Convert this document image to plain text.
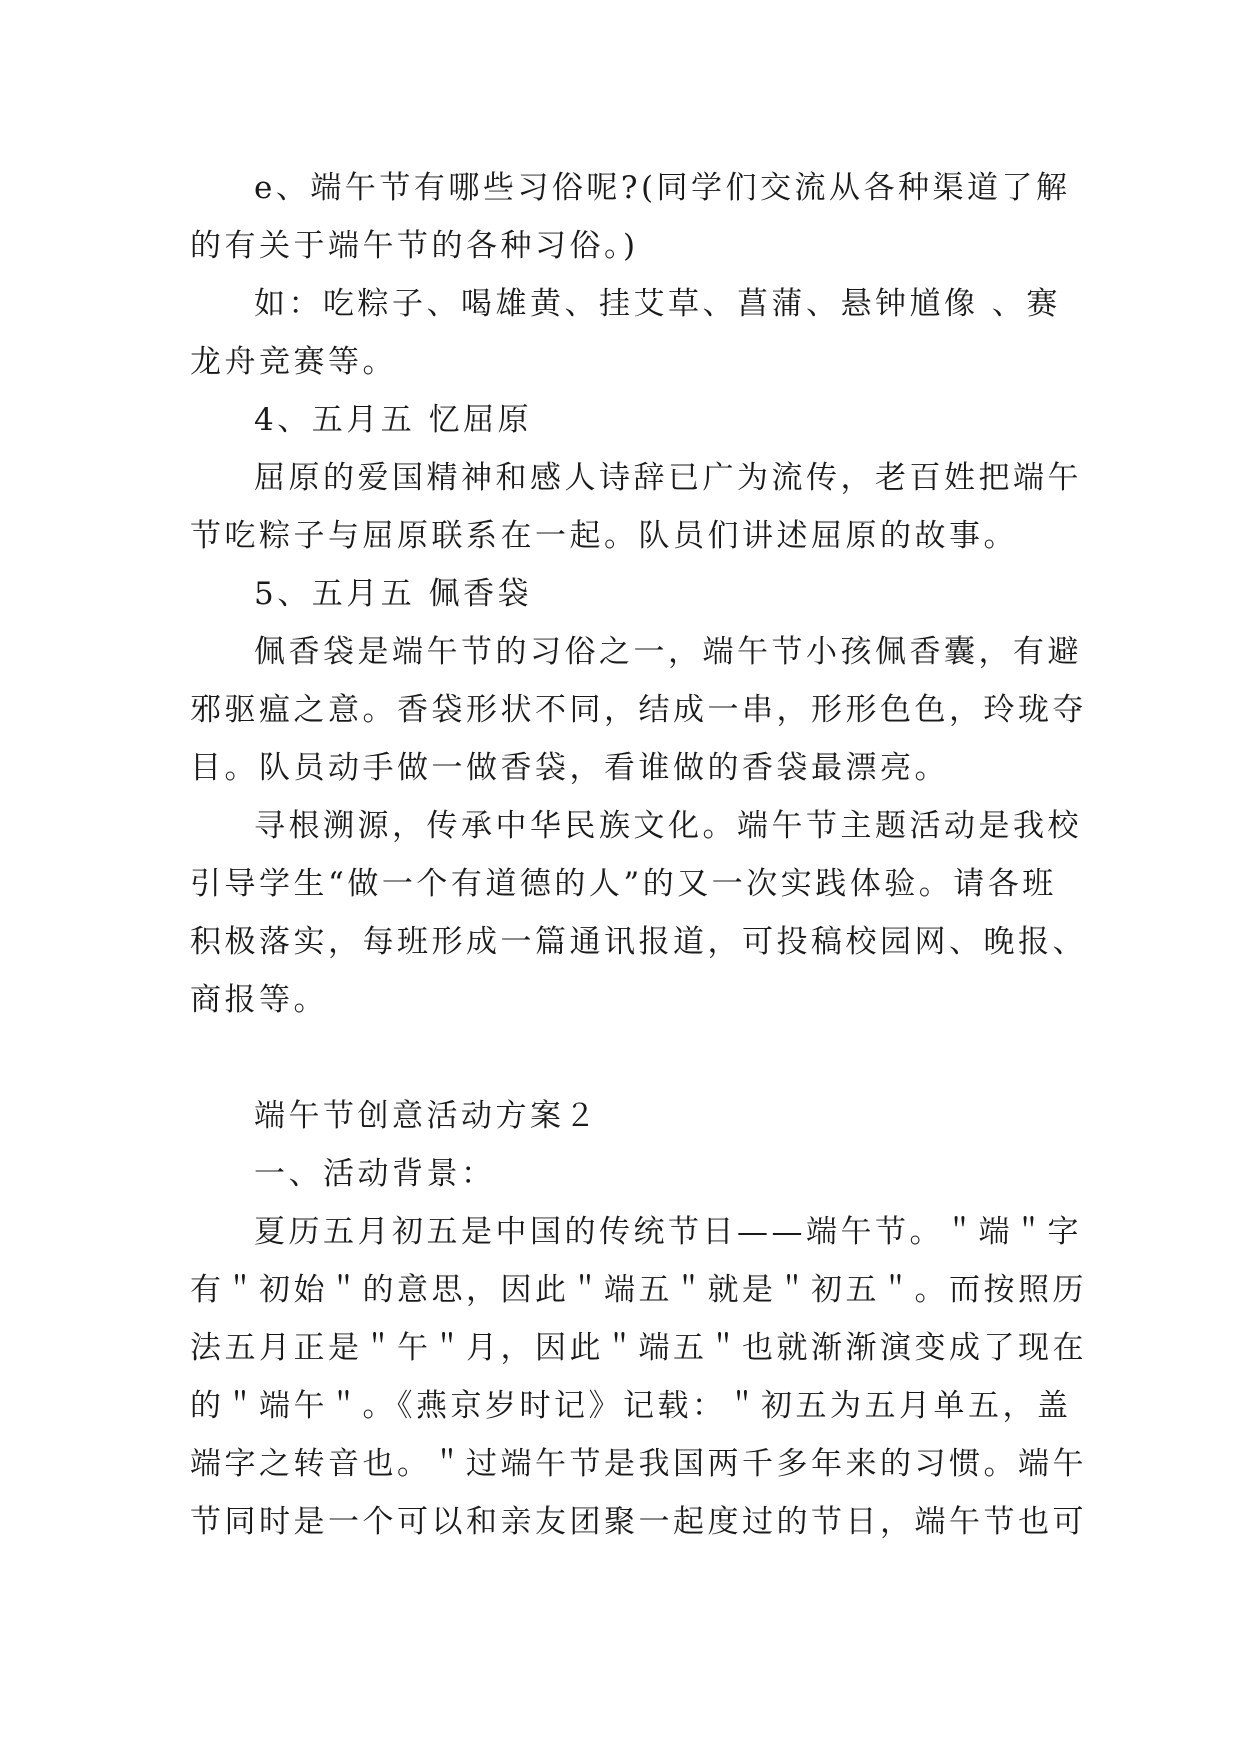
e、端午节有哪些习俗呢?(同学们交流从各种渠道了解
的有关于端午节的各种习俗。)
如：吃粽子、喝雄黄、挂艾草、菖蒲、悬钟馗像 、赛
龙舟竞赛等。
4、五月五 忆屈原
屈原的爱国精神和感人诗辞已广为流传，老百姓把端午
节吃粽子与屈原联系在一起。队员们讲述屈原的故事。
5、五月五 佩香袋
佩香袋是端午节的习俗之一，端午节小孩佩香囊，有避
邪驱瘟之意。香袋形状不同，结成一串，形形色色，玲珑夺
目。队员动手做一做香袋，看谁做的香袋最漂亮。
寻根溯源，传承中华民族文化。端午节主题活动是我校
引导学生“做一个有道德的人”的又一次实践体验。请各班
积极落实，每班形成一篇通讯报道，可投稿校园网、晚报、
商报等。
端午节创意活动方案２
一、活动背景：
夏历五月初五是中国的传统节日——端午节。＂端＂字
有＂初始＂的意思，因此＂端五＂就是＂初五＂。而按照历
法五月正是＂午＂月，因此＂端五＂也就渐渐演变成了现在
的＂端午＂。《燕京岁时记》记载：＂初五为五月单五，盖
端字之转音也。＂过端午节是我国两千多年来的习惯。端午
节同时是一个可以和亲友团聚一起度过的节日，端午节也可
